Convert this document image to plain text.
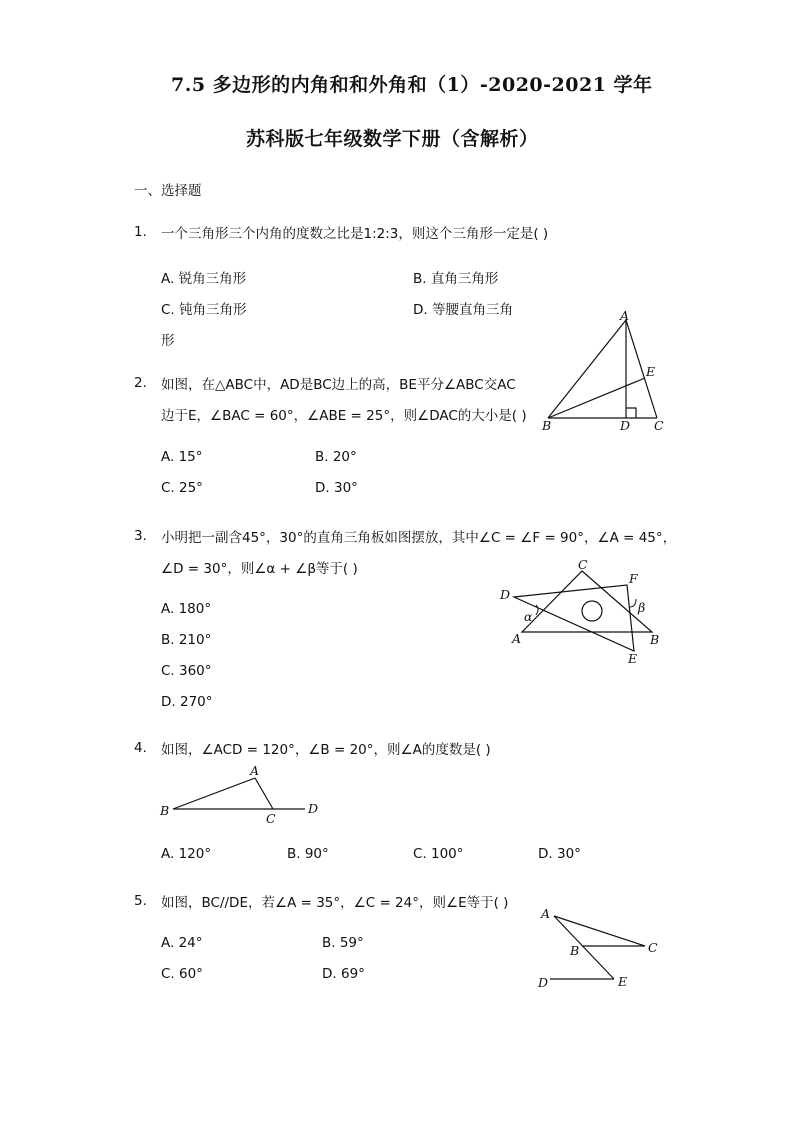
7.5 多边形的内角和和外角和（1）-2020-2021 学年
苏科版七年级数学下册（含解析）
一、选择题
1. 一个三角形三个内角的度数之比是1:2:3，则这个三角形一定是( )
A. 锐角三角形	B. 直角三角形
C. 钝角三角形	D. 等腰直角三角
形
2. 如图，在△ABC中，AD是BC边上的高，BE平分∠ABC交AC
边于E，∠BAC = 60°，∠ABE = 25°，则∠DAC的大小是( )
A. 15°	B. 20°
C. 25°	D. 30°
A
B	C
D
E
3. 小明把一副含45°，30°的直角三角板如图摆放，其中∠C = ∠F = 90°，∠A = 45°，
∠D = 30°，则∠α + ∠β等于( )
A. 180°
B. 210°
C. 360°
D. 270°
C
F
D
α
β
A	B
E
4. 如图，∠ACD = 120°，∠B = 20°，则∠A的度数是( )
A
B
C
D
A. 120°	B. 90°	C. 100°	D. 30°
5. 如图，BC//DE，若∠A = 35°，∠C = 24°，则∠E等于( )
A. 24°	B. 59°
C. 60°	D. 69°
A
B	C
D	E
